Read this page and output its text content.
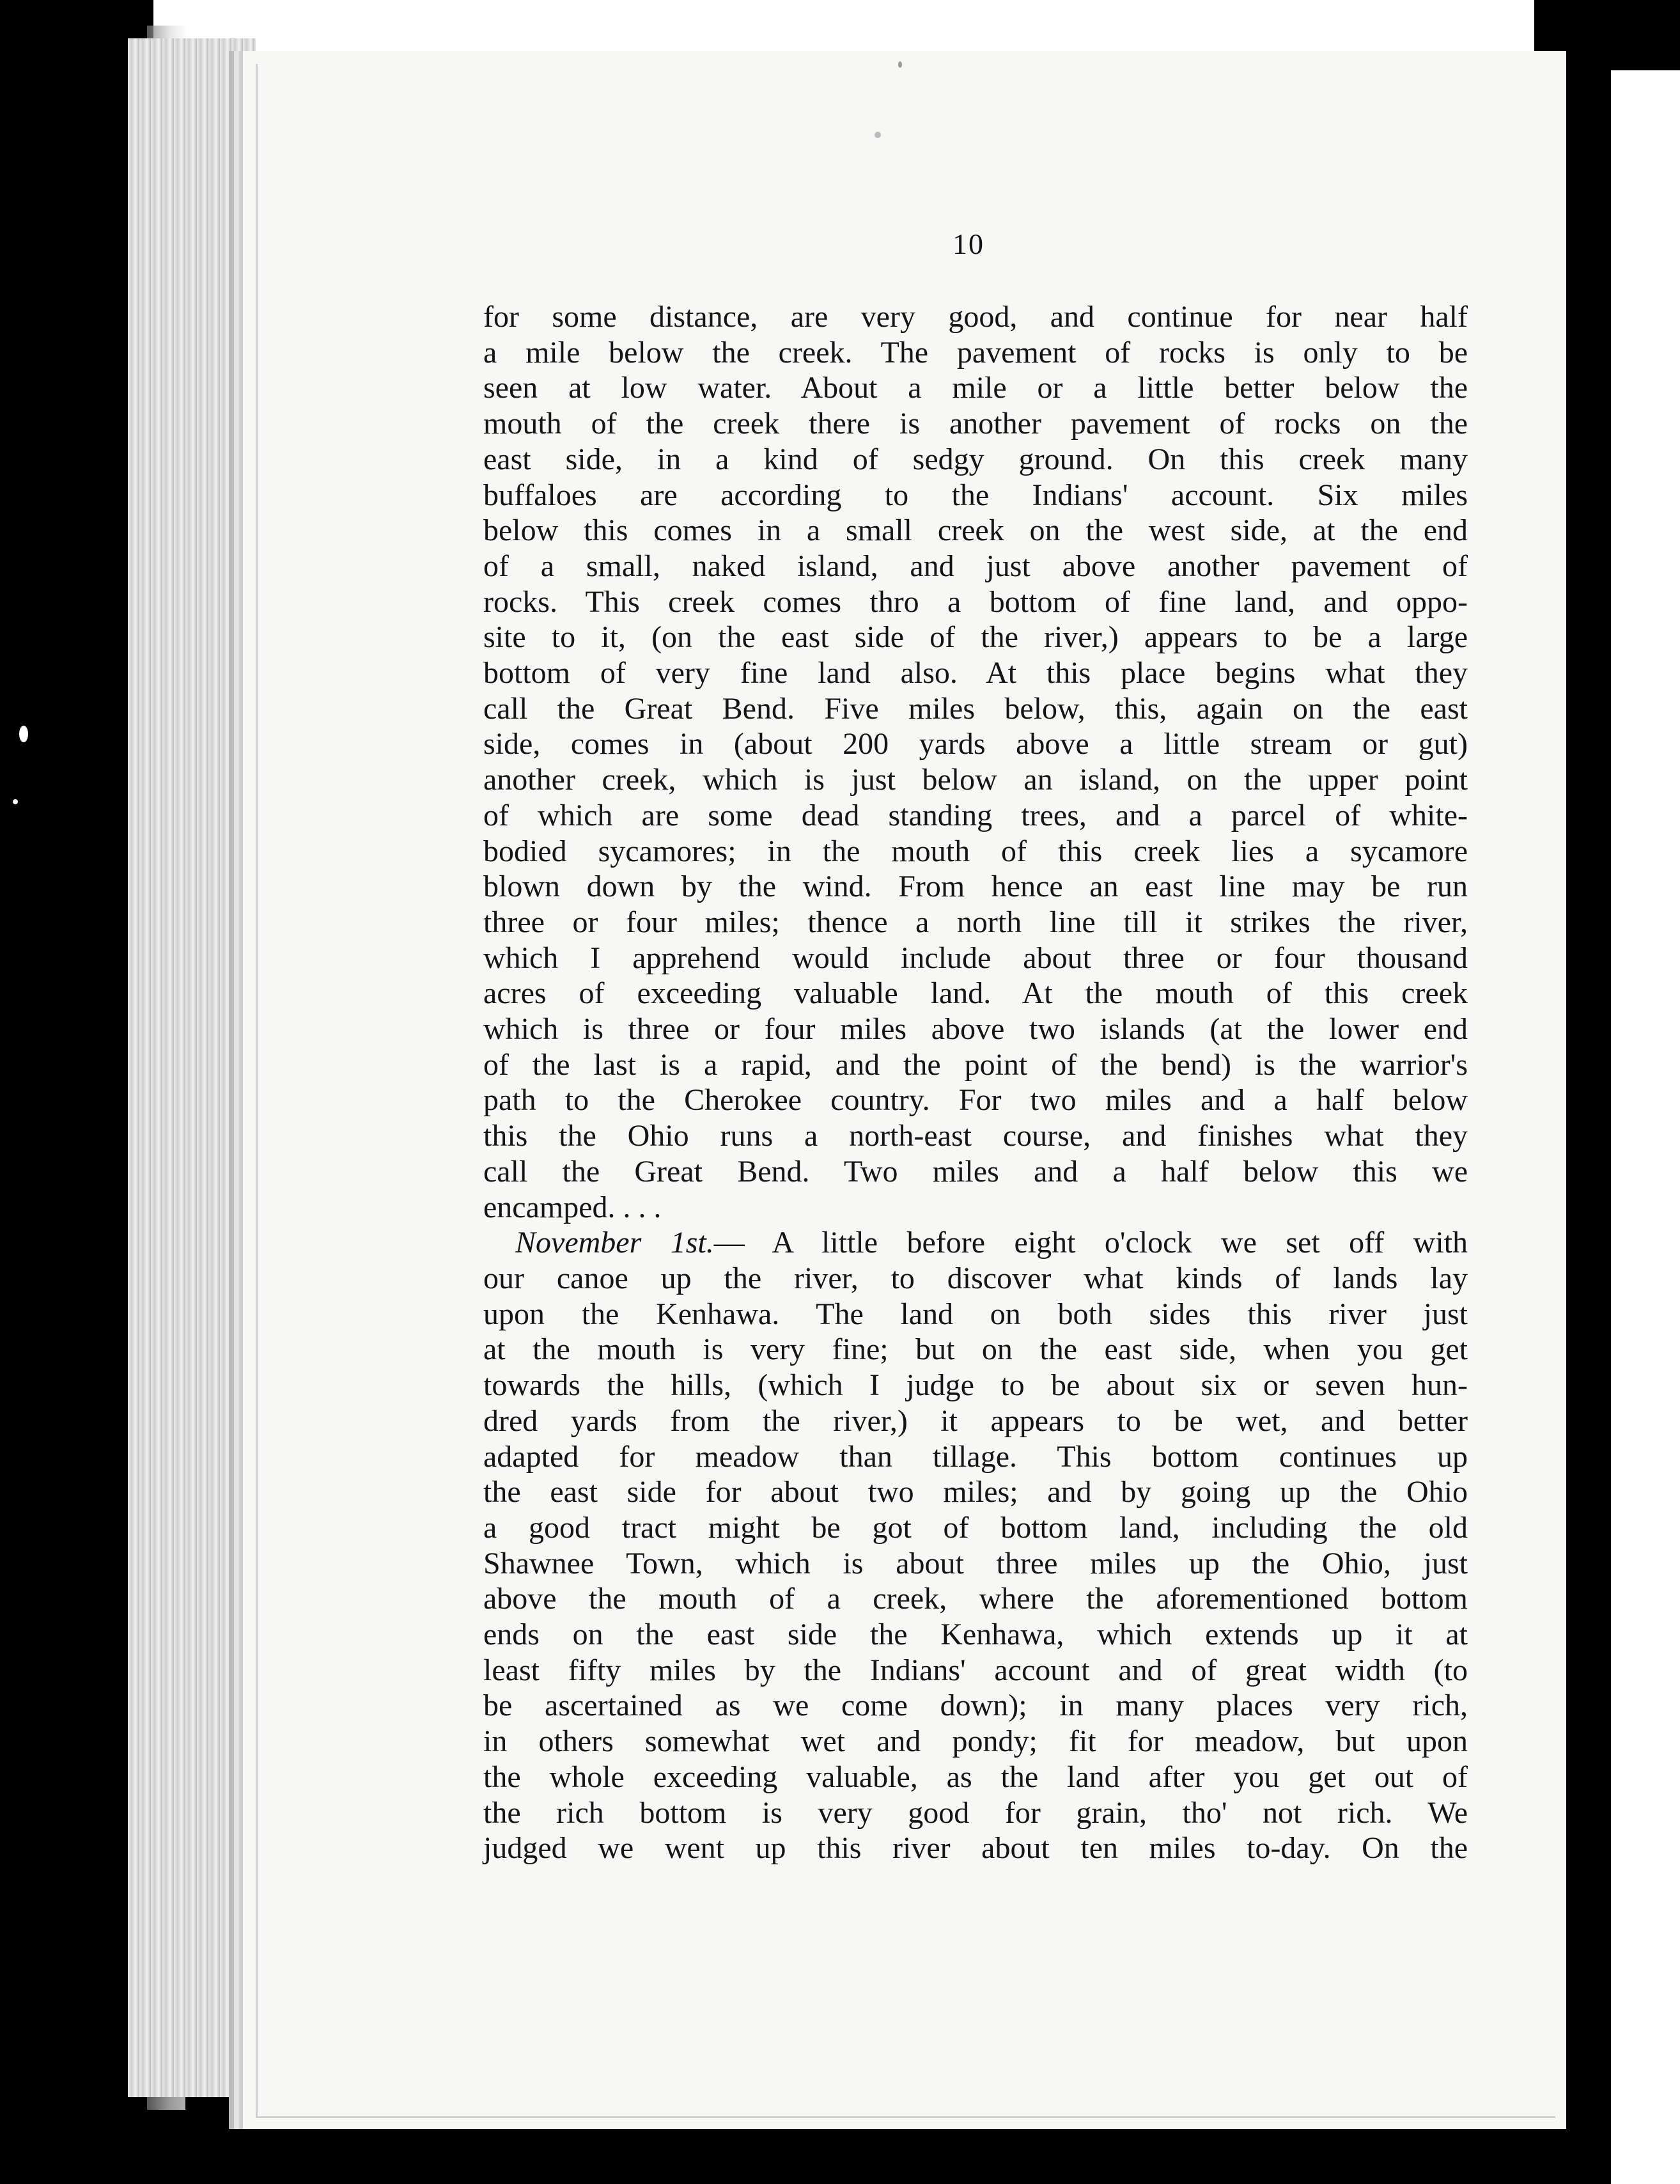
10
for some distance, are very good, and continue for near half
a mile below the creek. The pavement of rocks is only to be
seen at low water. About a mile or a little better below the
mouth of the creek there is another pavement of rocks on the
east side, in a kind of sedgy ground. On this creek many
buffaloes are according to the Indians' account. Six miles
below this comes in a small creek on the west side, at the end
of a small, naked island, and just above another pavement of
rocks. This creek comes thro a bottom of fine land, and oppo-
site to it, (on the east side of the river,) appears to be a large
bottom of very fine land also. At this place begins what they
call the Great Bend. Five miles below, this, again on the east
side, comes in (about 200 yards above a little stream or gut)
another creek, which is just below an island, on the upper point
of which are some dead standing trees, and a parcel of white-
bodied sycamores; in the mouth of this creek lies a sycamore
blown down by the wind. From hence an east line may be run
three or four miles; thence a north line till it strikes the river,
which I apprehend would include about three or four thousand
acres of exceeding valuable land. At the mouth of this creek
which is three or four miles above two islands (at the lower end
of the last is a rapid, and the point of the bend) is the warrior's
path to the Cherokee country. For two miles and a half below
this the Ohio runs a north-east course, and finishes what they
call the Great Bend. Two miles and a half below this we
encamped. . . .
November 1st.— A little before eight o'clock we set off with
our canoe up the river, to discover what kinds of lands lay
upon the Kenhawa. The land on both sides this river just
at the mouth is very fine; but on the east side, when you get
towards the hills, (which I judge to be about six or seven hun-
dred yards from the river,) it appears to be wet, and better
adapted for meadow than tillage. This bottom continues up
the east side for about two miles; and by going up the Ohio
a good tract might be got of bottom land, including the old
Shawnee Town, which is about three miles up the Ohio, just
above the mouth of a creek, where the aforementioned bottom
ends on the east side the Kenhawa, which extends up it at
least fifty miles by the Indians' account and of great width (to
be ascertained as we come down); in many places very rich,
in others somewhat wet and pondy; fit for meadow, but upon
the whole exceeding valuable, as the land after you get out of
the rich bottom is very good for grain, tho' not rich. We
judged we went up this river about ten miles to-day. On the
